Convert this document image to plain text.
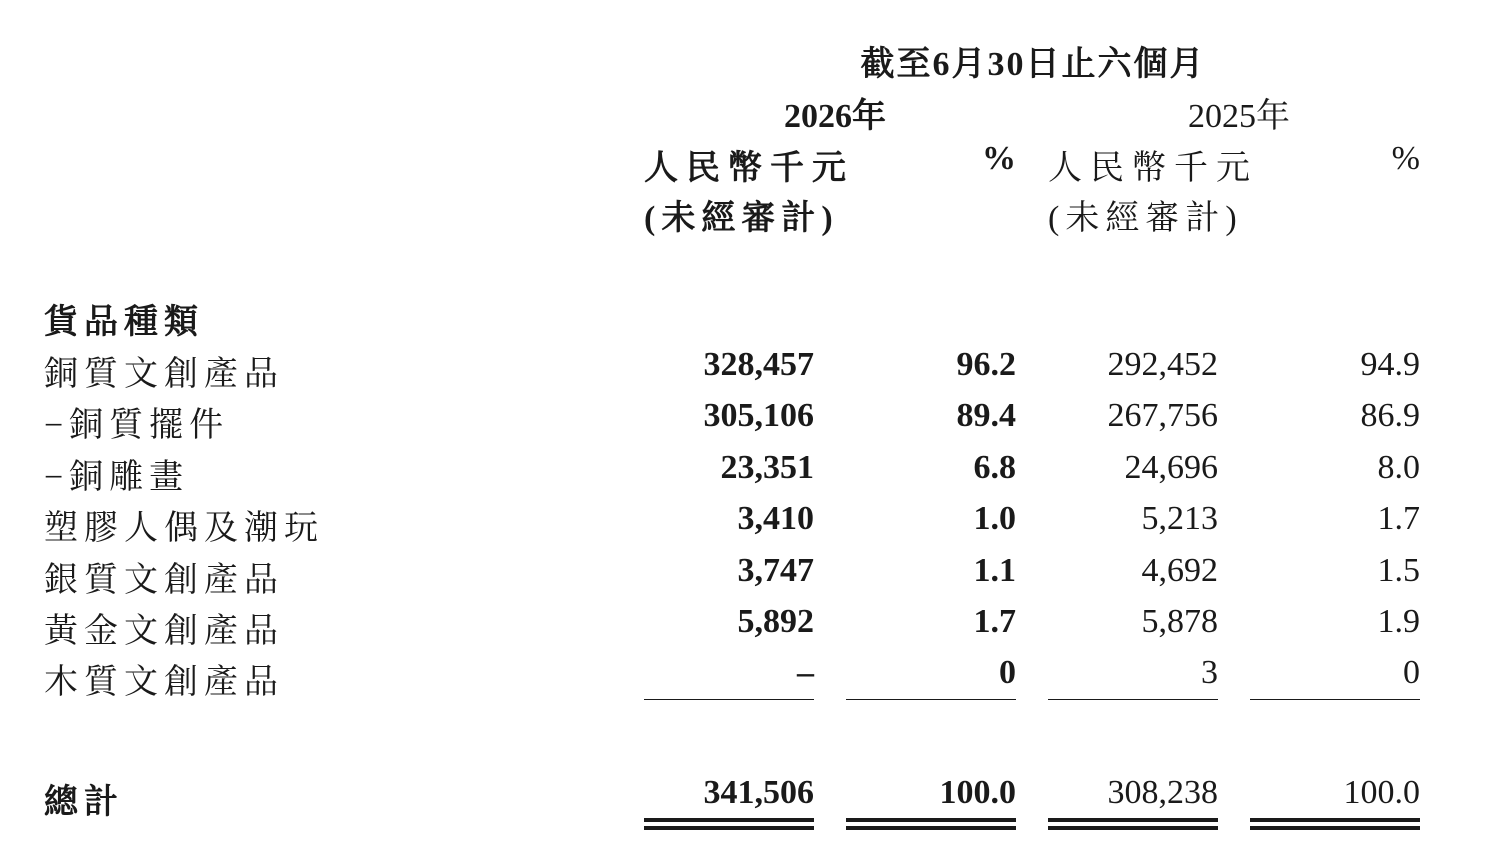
截至6月30日止六個月
2026年	2025年
人民幣千元	% 人民幣千元	%
(未經審計)	(未經審計)
貨品種類
銅質文創產品	328,457	96.2	292,452	94.9
−銅質擺件	305,106	89.4	267,756	86.9
−銅雕畫	23,351	6.8	24,696	8.0
塑膠人偶及潮玩	3,410	1.0	5,213	1.7
銀質文創產品	3,747	1.1	4,692	1.5
黃金文創產品	5,892	1.7	5,878	1.9
木質文創產品	–	0	3	0
總計	341,506	100.0	308,238	100.0
